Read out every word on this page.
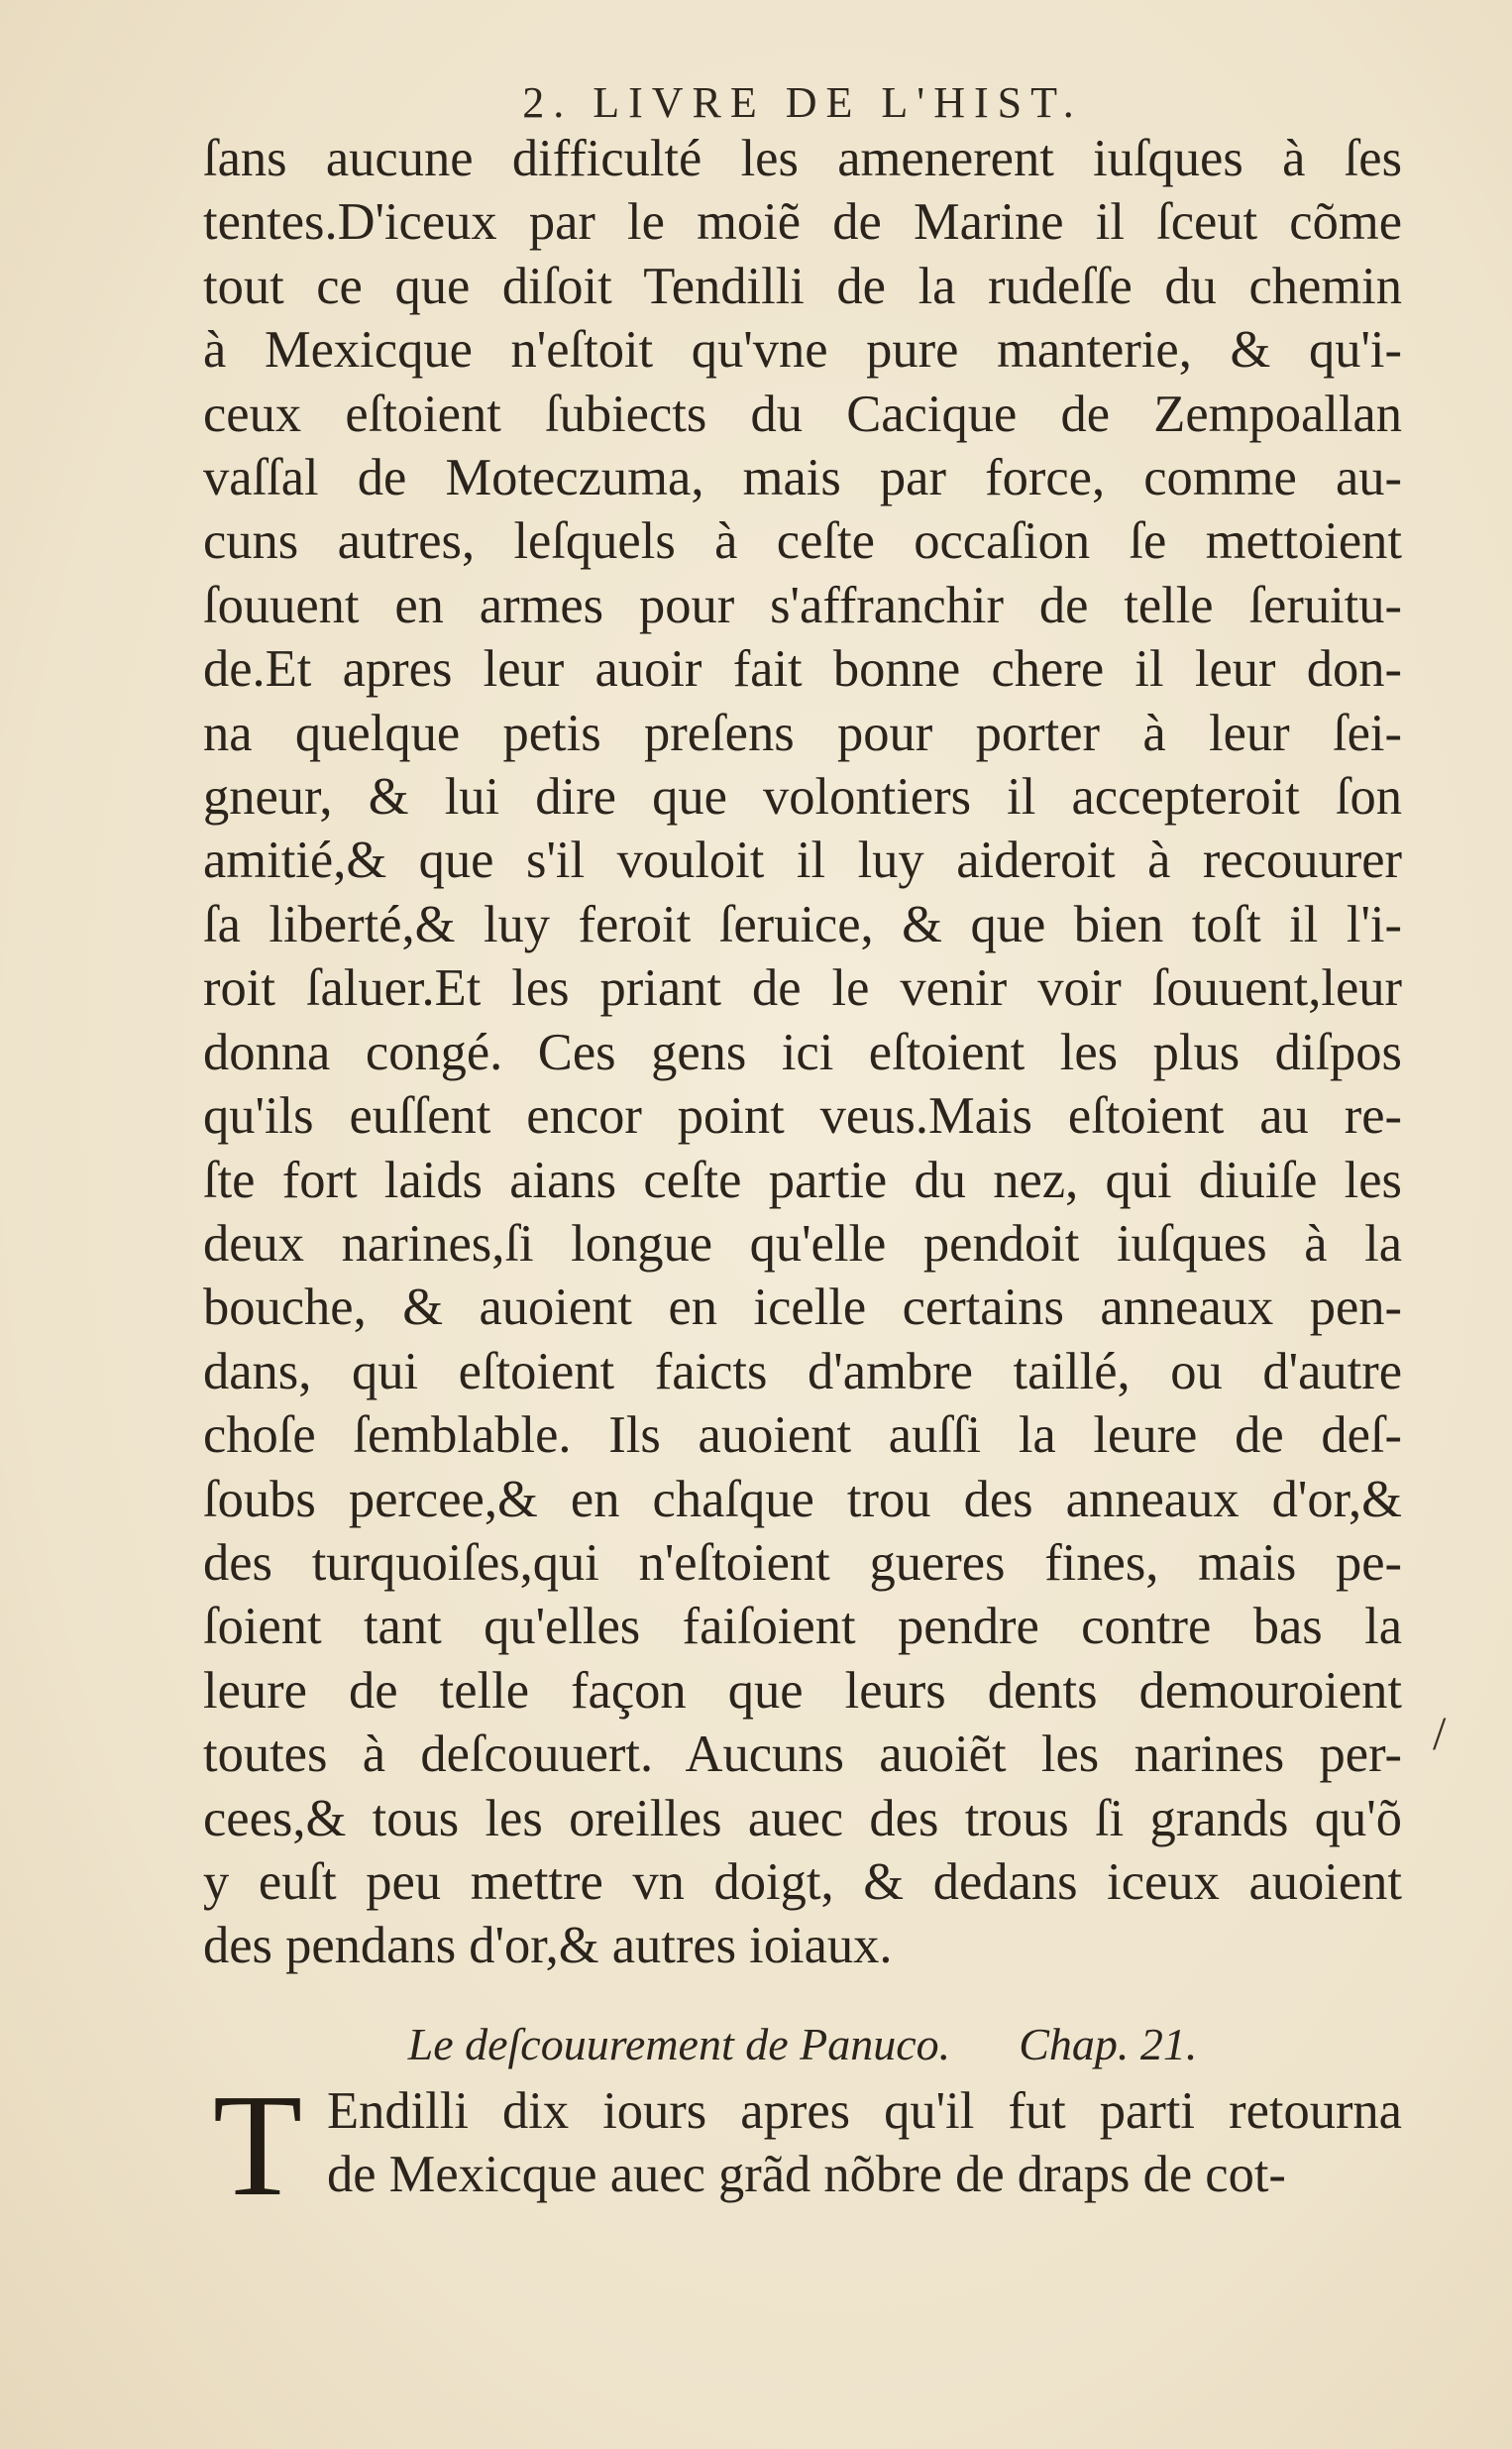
2. LIVRE DE L'HIST.
ſans aucune difficulté les amenerent iuſques à ſes
tentes.D'iceux par le moiẽ de Marine il ſceut cõme
tout ce que diſoit Tendilli de la rudeſſe du chemin
à Mexicque n'eſtoit qu'vne pure manterie, & qu'i-
ceux eſtoient ſubiects du Cacique de Zempoallan
vaſſal de Moteczuma, mais par force, comme au-
cuns autres, leſquels à ceſte occaſion ſe mettoient
ſouuent en armes pour s'affranchir de telle ſeruitu-
de.Et apres leur auoir fait bonne chere il leur don-
na quelque petis preſens pour porter à leur ſei-
gneur, & lui dire que volontiers il accepteroit ſon
amitié,& que s'il vouloit il luy aideroit à recouurer
ſa liberté,& luy feroit ſeruice, & que bien toſt il l'i-
roit ſaluer.Et les priant de le venir voir ſouuent,leur
donna congé. Ces gens ici eſtoient les plus diſpos
qu'ils euſſent encor point veus.Mais eſtoient au re-
ſte fort laids aians ceſte partie du nez, qui diuiſe les
deux narines,ſi longue qu'elle pendoit iuſques à la
bouche, & auoient en icelle certains anneaux pen-
dans, qui eſtoient faicts d'ambre taillé, ou d'autre
choſe ſemblable. Ils auoient auſſi la leure de deſ-
ſoubs percee,& en chaſque trou des anneaux d'or,&
des turquoiſes,qui n'eſtoient gueres fines, mais pe-
ſoient tant qu'elles faiſoient pendre contre bas la
leure de telle façon que leurs dents demouroient
toutes à deſcouuert. Aucuns auoiẽt les narines per-
cees,& tous les oreilles auec des trous ſi grands qu'õ
y euſt peu mettre vn doigt, & dedans iceux auoient
des pendans d'or,& autres ioiaux.
Le deſcouurement de Panuco. Chap. 21.
T Endilli dix iours apres qu'il fut parti retourna
de Mexicque auec grãd nõbre de draps de cot-
/
